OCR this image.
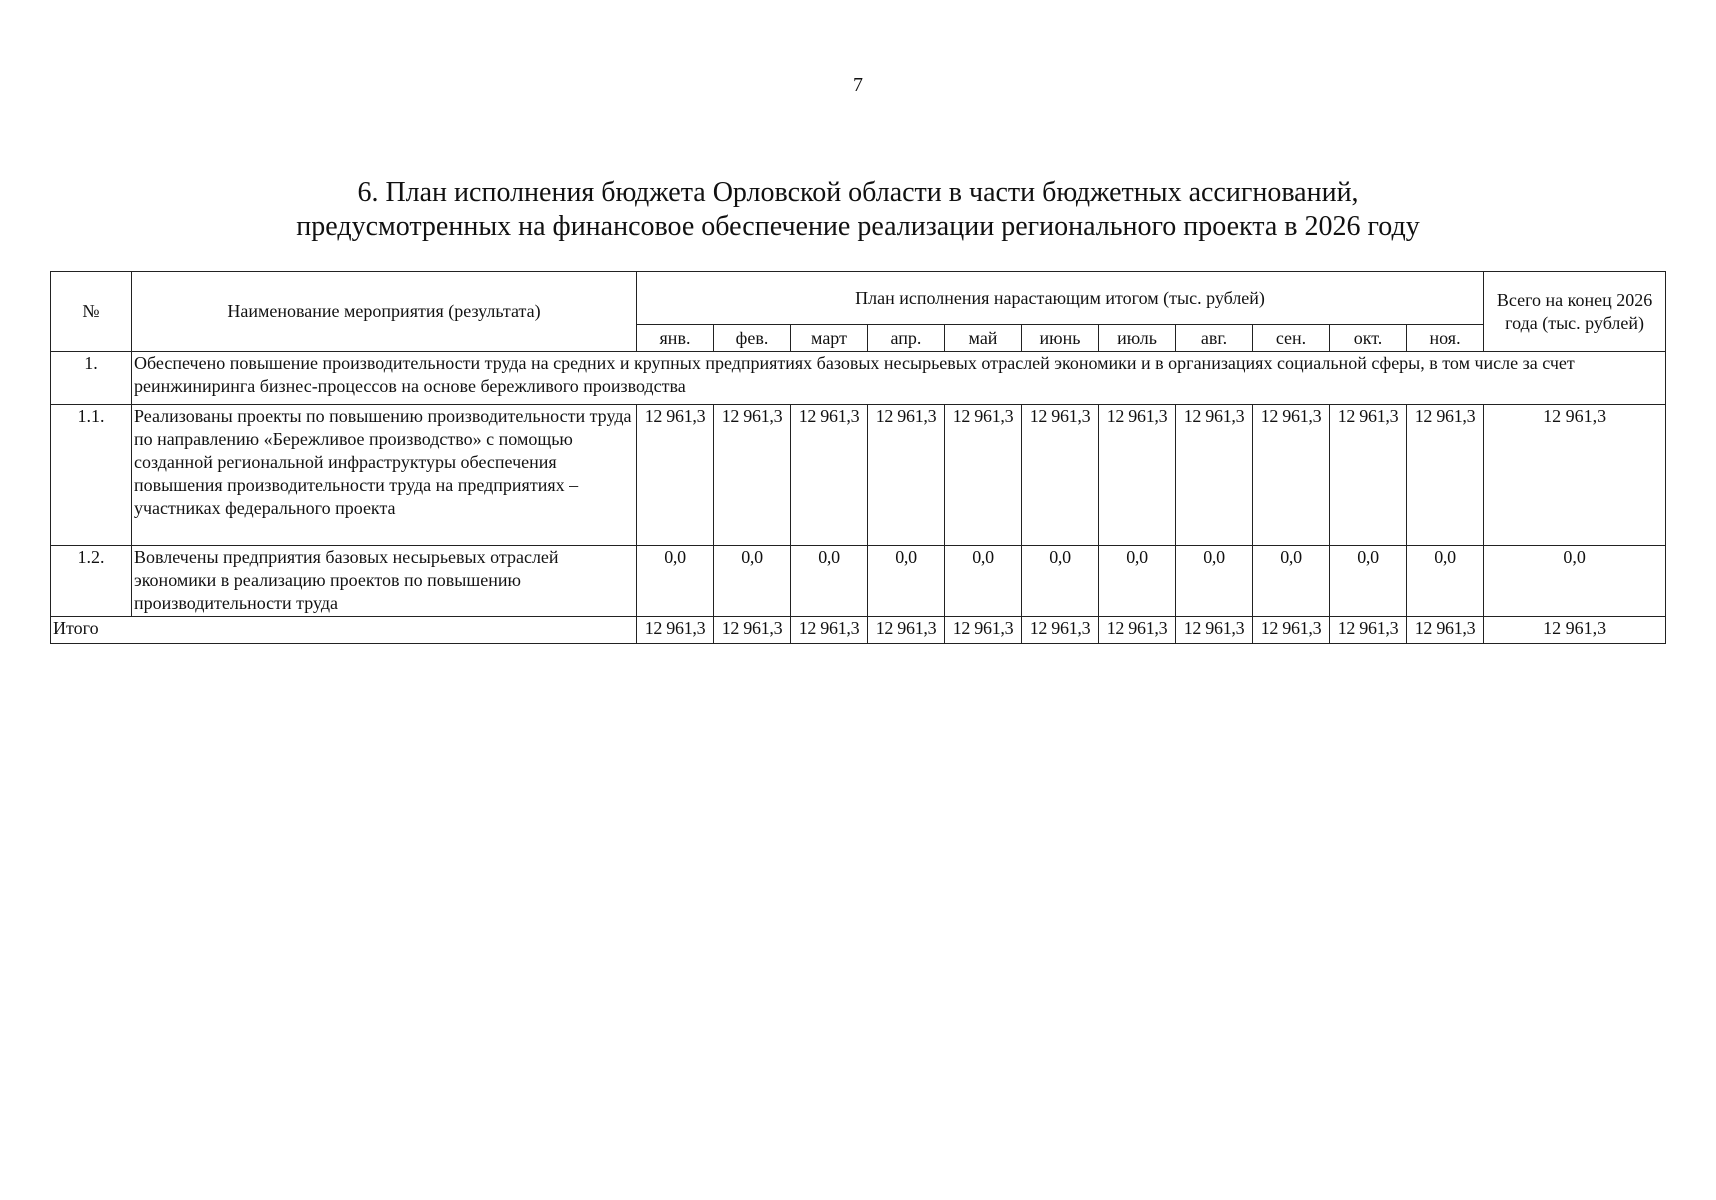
7
6. План исполнения бюджета Орловской области в части бюджетных ассигнований,
предусмотренных на финансовое обеспечение реализации регионального проекта в 2026 году
№	Наименование мероприятия (результата)	План исполнения нарастающим итогом (тыс. рублей)											Всего на конец 2026 года (тыс. рублей)
		янв.	фев.	март	апр.	май	июнь	июль	авг.	сен.	окт.	ноя.	
1.	Обеспечено повышение производительности труда на средних и крупных предприятиях базовых несырьевых отраслей экономики и в организациях социальной сферы, в том числе за счет реинжиниринга бизнес-процессов на основе бережливого производства												
1.1.	Реализованы проекты по повышению производительности труда по направлению «Бережливое производство» с помощью созданной региональной инфраструктуры обеспечения повышения производительности труда на предприятиях – участниках федерального проекта	12 961,3	12 961,3	12 961,3	12 961,3	12 961,3	12 961,3	12 961,3	12 961,3	12 961,3	12 961,3	12 961,3	12 961,3
1.2.	Вовлечены предприятия базовых несырьевых отраслей экономики в реализацию проектов по повышению производительности труда	0,0	0,0	0,0	0,0	0,0	0,0	0,0	0,0	0,0	0,0	0,0	0,0
Итого		12 961,3	12 961,3	12 961,3	12 961,3	12 961,3	12 961,3	12 961,3	12 961,3	12 961,3	12 961,3	12 961,3	12 961,3
